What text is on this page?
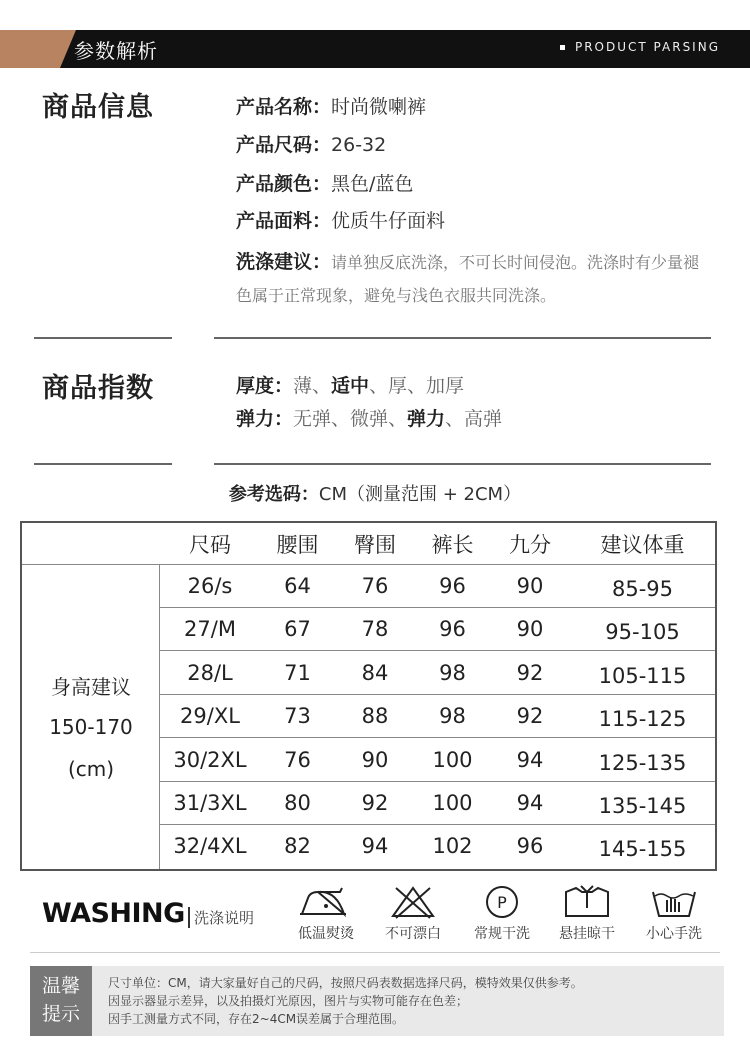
参数解析	PRODUCT PARSING
商品信息	产品名称：时尚微喇裤
产品尺码：26-32
产品颜色：黑色/蓝色
产品面料：优质牛仔面料
洗涤建议：请单独反底洗涤，不可长时间侵泡。洗涤时有少量褪色属于正常现象，避免与浅色衣服共同洗涤。
商品指数	厚度：薄、适中、厚、加厚
弹力：无弹、微弹、弹力、高弹
参考选码：CM（测量范围 + 2CM）
尺码	腰围	臀围	裤长	九分	建议体重
身高建议
150-170
(cm)
26/s	64	76	96	90	85-95
27/M	67	78	96	90	95-105
28/L	71	84	98	92	105-115
29/XL	73	88	98	92	115-125
30/2XL	76	90	100	94	125-135
31/3XL	80	92	100	94	135-145
32/4XL	82	94	102	96	145-155
WASHING 洗涤说明
低温熨烫	不可漂白
P
常规干洗	悬挂晾干	小心手洗
温馨提示
尺寸单位：CM，请大家量好自己的尺码，按照尺码表数据选择尺码，模特效果仅供参考。
因显示器显示差异，以及拍摄灯光原因，图片与实物可能存在色差；
因手工测量方式不同，存在2~4CM误差属于合理范围。
